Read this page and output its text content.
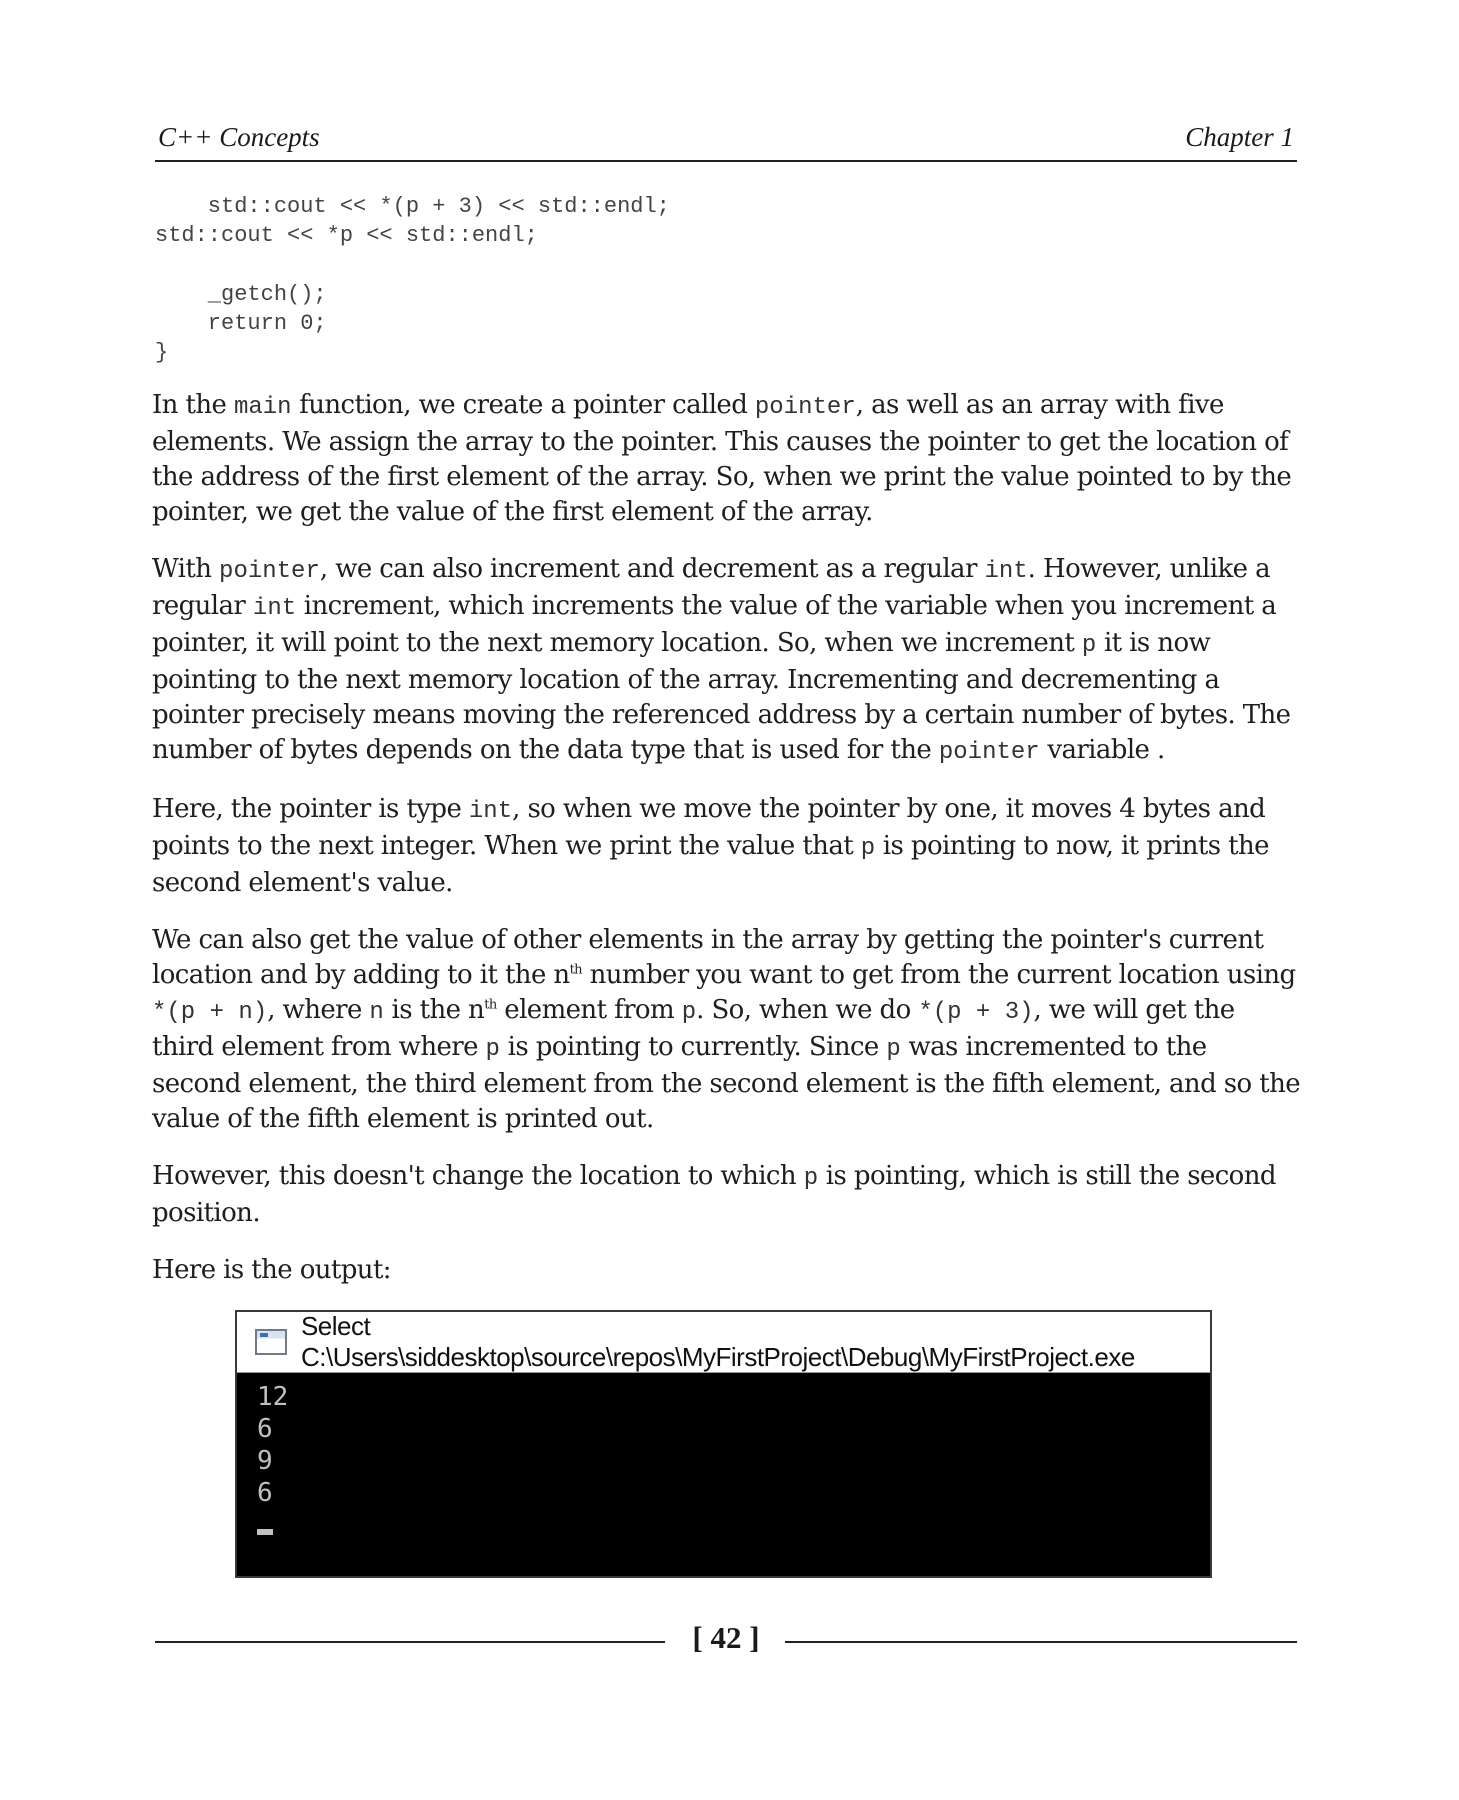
C++ Concepts	Chapter 1
std::cout << *(p + 3) << std::endl;
std::cout << *p << std::endl;
_getch();
return 0;
}

In the main function, we create a pointer called pointer, as well as an array with five elements. We assign the array to the pointer. This causes the pointer to get the location of the address of the first element of the array. So, when we print the value pointed to by the pointer, we get the value of the first element of the array.

With pointer, we can also increment and decrement as a regular int. However, unlike a regular int increment, which increments the value of the variable when you increment a pointer, it will point to the next memory location. So, when we increment p it is now pointing to the next memory location of the array. Incrementing and decrementing a pointer precisely means moving the referenced address by a certain number of bytes. The number of bytes depends on the data type that is used for the pointer variable .

Here, the pointer is type int, so when we move the pointer by one, it moves 4 bytes and points to the next integer. When we print the value that p is pointing to now, it prints the second element's value.

We can also get the value of other elements in the array by getting the pointer's current location and by adding to it the $n^{th}$ number you want to get from the current location using *(p + n), where n is the $n^{th}$ element from p. So, when we do *(p + 3), we will get the third element from where p is pointing to currently. Since p was incremented to the second element, the third element from the second element is the fifth element, and so the value of the fifth element is printed out.

However, this doesn't change the location to which p is pointing, which is still the second position.

Here is the output:

Select C:\Users\siddesktop\source\repos\MyFirstProject\Debug\MyFirstProject.exe
12
6
9
6
[ 42 ]
